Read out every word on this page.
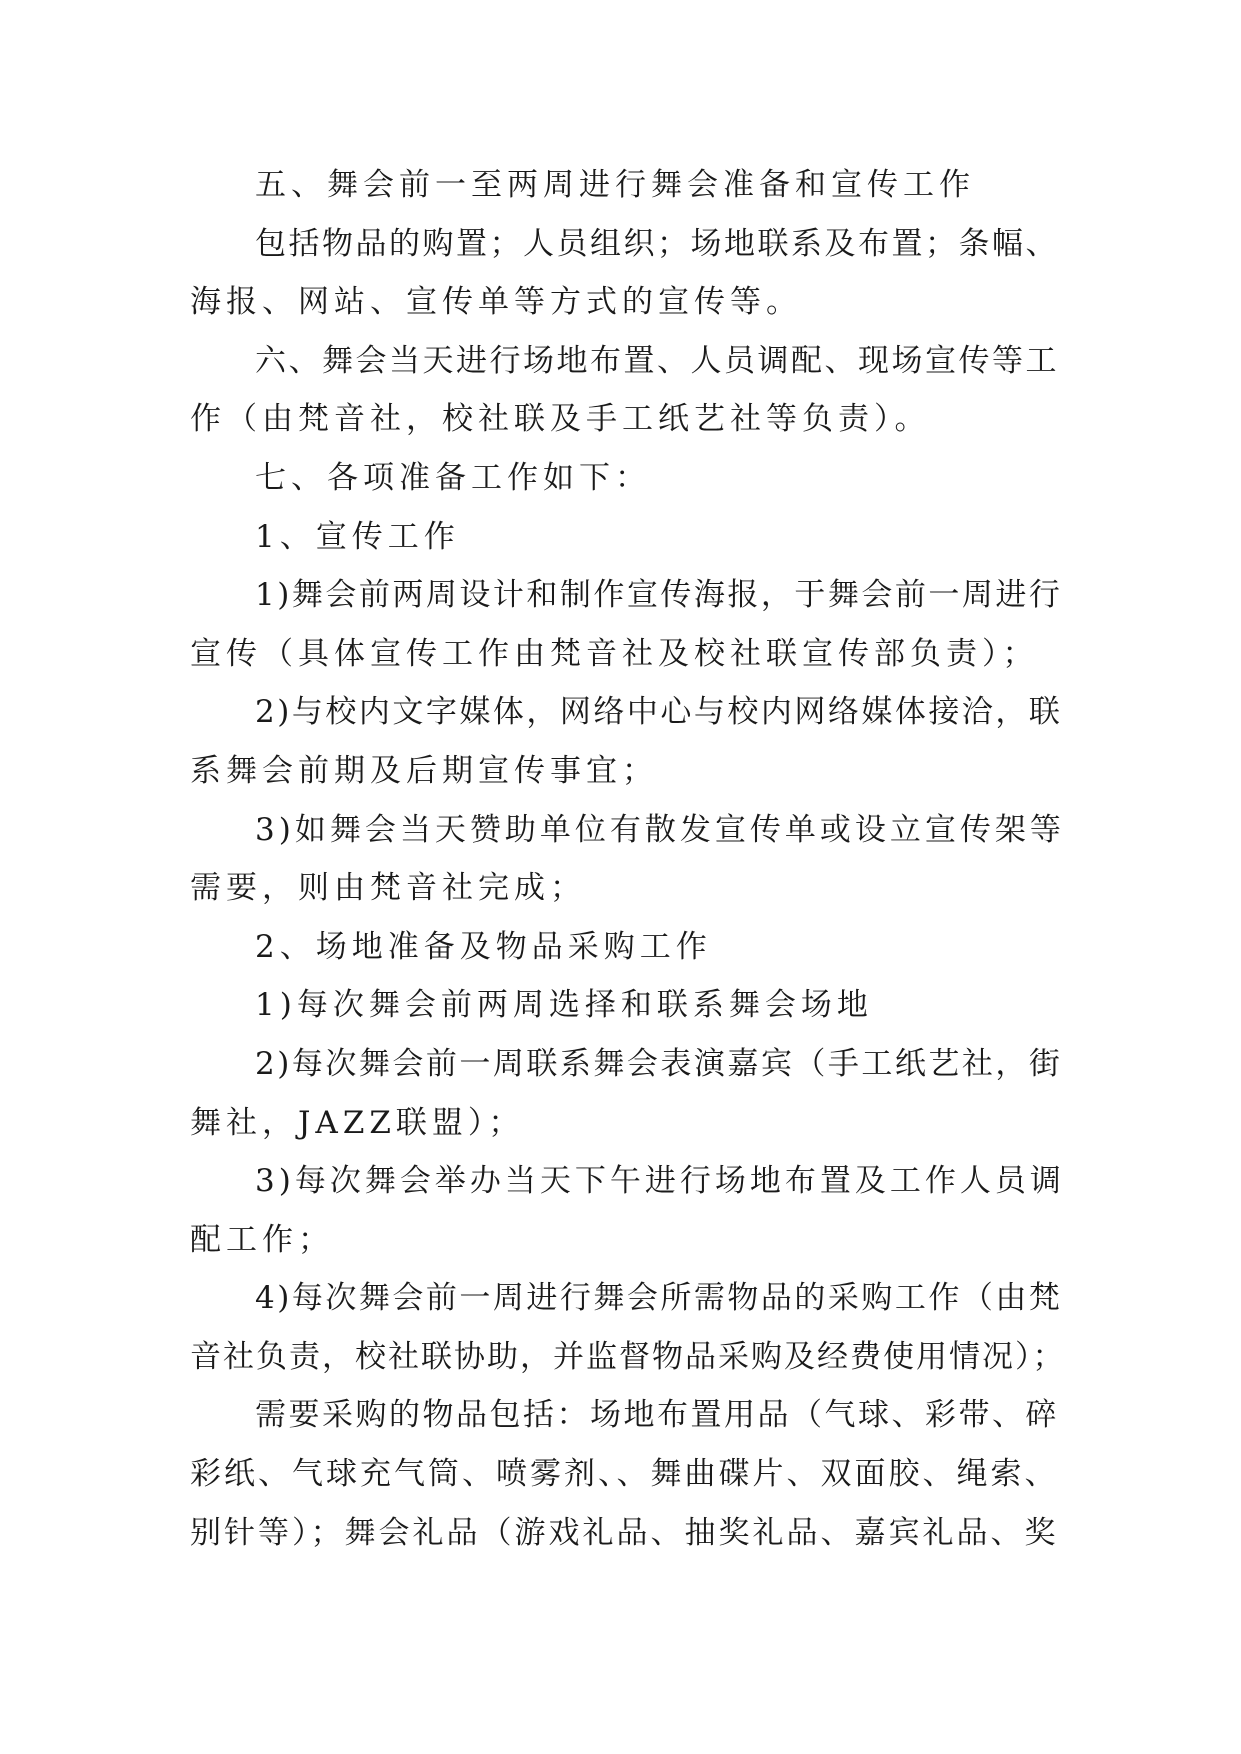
五、舞会前一至两周进行舞会准备和宣传工作
包括物品的购置；人员组织；场地联系及布置；条幅、
海报、网站、宣传单等方式的宣传等。
六、舞会当天进行场地布置、人员调配、现场宣传等工
作（由梵音社，校社联及手工纸艺社等负责）。
七、各项准备工作如下：
1、宣传工作
1)舞会前两周设计和制作宣传海报，于舞会前一周进行
宣传（具体宣传工作由梵音社及校社联宣传部负责）；
2)与校内文字媒体，网络中心与校内网络媒体接洽，联
系舞会前期及后期宣传事宜；
3)如舞会当天赞助单位有散发宣传单或设立宣传架等
需要，则由梵音社完成；
2、场地准备及物品采购工作
1)每次舞会前两周选择和联系舞会场地
2)每次舞会前一周联系舞会表演嘉宾（手工纸艺社，街
舞社，JAZZ联盟）；
3)每次舞会举办当天下午进行场地布置及工作人员调
配工作；
4)每次舞会前一周进行舞会所需物品的采购工作（由梵
音社负责，校社联协助，并监督物品采购及经费使用情况）；
需要采购的物品包括：场地布置用品（气球、彩带、碎
彩纸、气球充气筒、喷雾剂、、舞曲碟片、双面胶、绳索、
别针等）；舞会礼品（游戏礼品、抽奖礼品、嘉宾礼品、奖
